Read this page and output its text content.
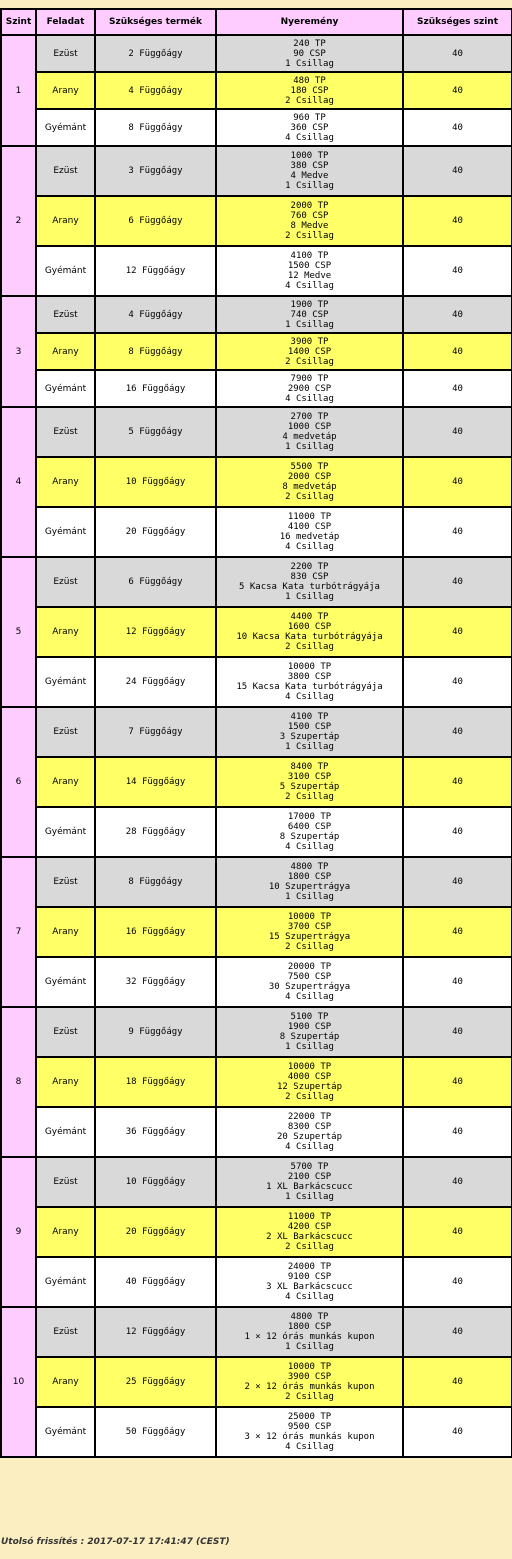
Szint	Feladat	Szükséges termék	Nyeremény	Szükséges szint
1	Ezüst	2 Függőágy	240 TP
90 CSP
1 Csillag	40
	Arany	4 Függőágy	480 TP
180 CSP
2 Csillag	40
	Gyémánt	8 Függőágy	960 TP
360 CSP
4 Csillag	40
2	Ezüst	3 Függőágy	1000 TP
380 CSP
4 Medve
1 Csillag	40
	Arany	6 Függőágy	2000 TP
760 CSP
8 Medve
2 Csillag	40
	Gyémánt	12 Függőágy	4100 TP
1500 CSP
12 Medve
4 Csillag	40
3	Ezüst	4 Függőágy	1900 TP
740 CSP
1 Csillag	40
	Arany	8 Függőágy	3900 TP
1400 CSP
2 Csillag	40
	Gyémánt	16 Függőágy	7900 TP
2900 CSP
4 Csillag	40
4	Ezüst	5 Függőágy	2700 TP
1000 CSP
4 medvetáp
1 Csillag	40
	Arany	10 Függőágy	5500 TP
2000 CSP
8 medvetáp
2 Csillag	40
	Gyémánt	20 Függőágy	11000 TP
4100 CSP
16 medvetáp
4 Csillag	40
5	Ezüst	6 Függőágy	2200 TP
830 CSP
5 Kacsa Kata turbótrágyája
1 Csillag	40
	Arany	12 Függőágy	4400 TP
1600 CSP
10 Kacsa Kata turbótrágyája
2 Csillag	40
	Gyémánt	24 Függőágy	10000 TP
3800 CSP
15 Kacsa Kata turbótrágyája
4 Csillag	40
6	Ezüst	7 Függőágy	4100 TP
1500 CSP
3 Szupertáp
1 Csillag	40
	Arany	14 Függőágy	8400 TP
3100 CSP
5 Szupertáp
2 Csillag	40
	Gyémánt	28 Függőágy	17000 TP
6400 CSP
8 Szupertáp
4 Csillag	40
7	Ezüst	8 Függőágy	4800 TP
1800 CSP
10 Szupertrágya
1 Csillag	40
	Arany	16 Függőágy	10000 TP
3700 CSP
15 Szupertrágya
2 Csillag	40
	Gyémánt	32 Függőágy	20000 TP
7500 CSP
30 Szupertrágya
4 Csillag	40
8	Ezüst	9 Függőágy	5100 TP
1900 CSP
8 Szupertáp
1 Csillag	40
	Arany	18 Függőágy	10000 TP
4000 CSP
12 Szupertáp
2 Csillag	40
	Gyémánt	36 Függőágy	22000 TP
8300 CSP
20 Szupertáp
4 Csillag	40
9	Ezüst	10 Függőágy	5700 TP
2100 CSP
1 XL Barkácscucc
1 Csillag	40
	Arany	20 Függőágy	11000 TP
4200 CSP
2 XL Barkácscucc
2 Csillag	40
	Gyémánt	40 Függőágy	24000 TP
9100 CSP
3 XL Barkácscucc
4 Csillag	40
10	Ezüst	12 Függőágy	4800 TP
1800 CSP
1 × 12 órás munkás kupon
1 Csillag	40
	Arany	25 Függőágy	10000 TP
3900 CSP
2 × 12 órás munkás kupon
2 Csillag	40
	Gyémánt	50 Függőágy	25000 TP
9500 CSP
3 × 12 órás munkás kupon
4 Csillag	40
Utolsó frissítés : 2017-07-17 17:41:47 (CEST)
